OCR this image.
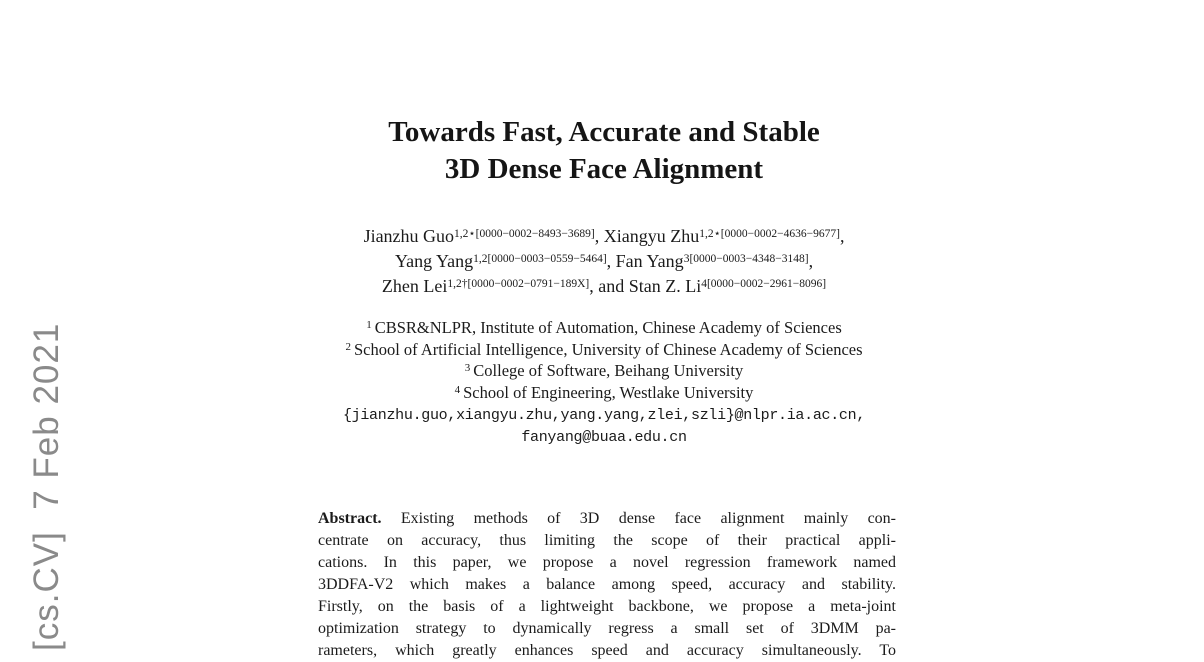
[cs.CV]  7 Feb 2021
Towards Fast, Accurate and Stable
3D Dense Face Alignment
Jianzhu Guo$^{1,2⋆[0000-0002-8493-3689]}$, Xiangyu Zhu$^{1,2⋆[0000-0002-4636-9677]}$,
Yang Yang$^{1,2[0000-0003-0559-5464]}$, Fan Yang$^{3[0000-0003-4348-3148]}$,
Zhen Lei$^{1,2\dagger[0000-0002-0791-189X]}$, and Stan Z. $Li^{4[0000-0002-2961-8096]}$
$^1$ CBSR&NLPR, Institute of Automation, Chinese Academy of Sciences
$^2$ School of Artificial Intelligence, University of Chinese Academy of Sciences
$^3$ College of Software, Beihang University
$^4$ School of Engineering, Westlake University
{jianzhu.guo,xiangyu.zhu,yang.yang,zlei,szli}@nlpr.ia.ac.cn,
fanyang@buaa.edu.cn
Abstract. Existing methods of 3D dense face alignment mainly con-
centrate on accuracy, thus limiting the scope of their practical appli-
cations. In this paper, we propose a novel regression framework named
3DDFA-V2 which makes a balance among speed, accuracy and stability.
Firstly, on the basis of a lightweight backbone, we propose a meta-joint
optimization strategy to dynamically regress a small set of 3DMM pa-
rameters, which greatly enhances speed and accuracy simultaneously. To
